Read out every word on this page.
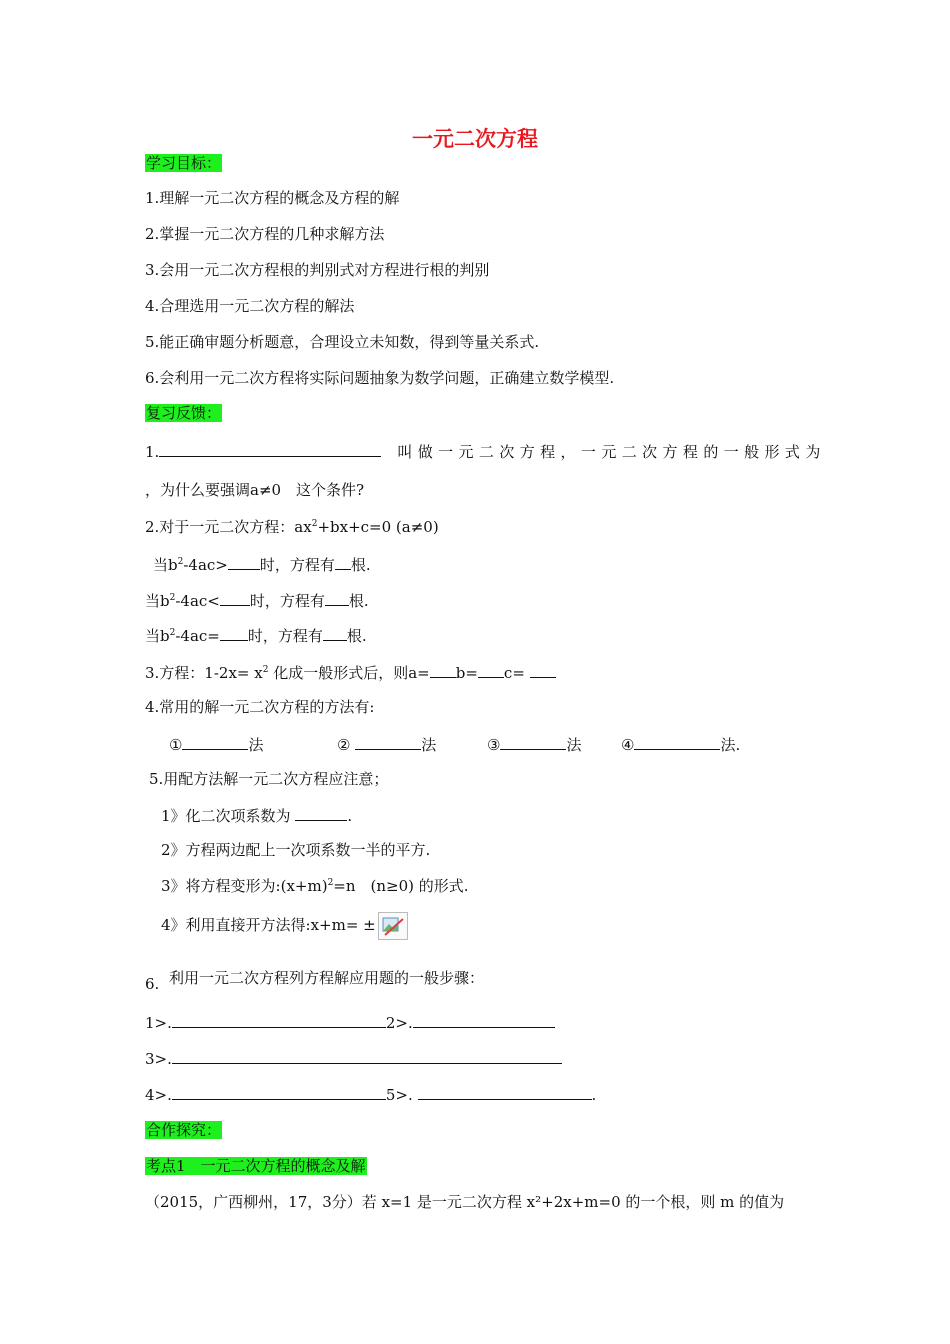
一元二次方程
学习目标：
1.理解一元二次方程的概念及方程的解
2.掌握一元二次方程的几种求解方法
3.会用一元二次方程根的判别式对方程进行根的判别
4.合理选用一元二次方程的解法
5.能正确审题分析题意，合理设立未知数，得到等量关系式.
6.会利用一元二次方程将实际问题抽象为数学问题，正确建立数学模型.
复习反馈：
1.	叫做一元二次方程，一元二次方程的一般形式为
，为什么要强调a≠0　这个条件?
2.对于一元二次方程：$ax^2+bx+c=0$ (a≠0)
当$b^2-4ac>$ 时，方程有 根.
当$b^2-4ac<$ 时，方程有 根.
当$b^2-4ac=$ 时，方程有 根.
3.方程：$1-2x= x^2$ 化成一般形式后，则a= b= c=
4.常用的解一元二次方程的方法有:
①	法	②	法	③	法	④	法.
5.用配方法解一元二次方程应注意；
1》化二次项系数为	.
2》方程两边配上一次项系数一半的平方.
3》将方程变形为$:(x+m)^2=n$　(n≥0) 的形式.
4》利用直接开方法得:x+m= ±
6. 利用一元二次方程列方程解应用题的一般步骤：
1>.	2>.
3>.
4>.	5>.	.
合作探究：
考点1　一元二次方程的概念及解
（2015，广西柳州，17，3分）若 x=1 是一元二次方程 x²+2x+m=0 的一个根，则 m 的值为
